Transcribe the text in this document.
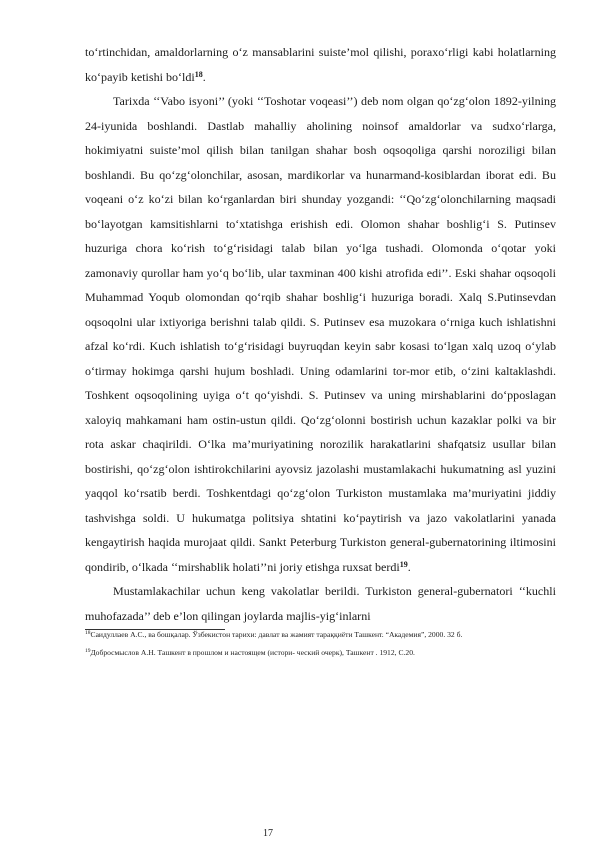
to‘rtinchidan, amaldorlarning o‘z mansablarini suiste’mol qilishi, poraxo‘rligi kabi holatlarning ko‘payib ketishi bo‘ldi$^{18}$.

Tarixda ‘‘Vabo isyoni’’ (yoki ‘‘Toshotar voqeasi’’) deb nom olgan qo‘zg‘olon 1892-yilning 24-iyunida boshlandi. Dastlab mahalliy aholining noinsof amaldorlar va sudxo‘rlarga, hokimiyatni suiste’mol qilish bilan tanilgan shahar bosh oqsoqoliga qarshi noroziligi bilan boshlandi. Bu qo‘zg‘olonchilar, asosan, mardikorlar va hunarmand-kosiblardan iborat edi. Bu voqeani o‘z ko‘zi bilan ko‘rganlardan biri shunday yozgandi: ‘‘Qo‘zg‘olonchilarning maqsadi bo‘layotgan kamsitishlarni to‘xtatishga erishish edi. Olomon shahar boshlig‘i S. Putinsev huzuriga chora ko‘rish to‘g‘risidagi talab bilan yo‘lga tushadi. Olomonda o‘qotar yoki zamonaviy qurollar ham yo‘q bo‘lib, ular taxminan 400 kishi atrofida edi’’. Eski shahar oqsoqoli Muhammad Yoqub olomondan qo‘rqib shahar boshlig‘i huzuriga boradi. Xalq S.Putinsevdan oqsoqolni ular ixtiyoriga berishni talab qildi. S. Putinsev esa muzokara o‘rniga kuch ishlatishni afzal ko‘rdi. Kuch ishlatish to‘g‘risidagi buyruqdan keyin sabr kosasi to‘lgan xalq uzoq o‘ylab o‘tirmay hokimga qarshi hujum boshladi. Uning odamlarini tor-mor etib, o‘zini kaltaklashdi. Toshkent oqsoqolining uyiga o‘t qo‘yishdi. S. Putinsev va uning mirshablarini do‘pposlagan xaloyiq mahkamani ham ostin-ustun qildi. Qo‘zg‘olonni bostirish uchun kazaklar polki va bir rota askar chaqirildi. O‘lka ma’muriyatining norozilik harakatlarini shafqatsiz usullar bilan bostirishi, qo‘zg‘olon ishtirokchilarini ayovsiz jazolashi mustamlakachi hukumatning asl yuzini yaqqol ko‘rsatib berdi. Toshkentdagi qo‘zg‘olon Turkiston mustamlaka ma’muriyatini jiddiy tashvishga soldi. U hukumatga politsiya shtatini ko‘paytirish va jazo vakolatlarini yanada kengaytirish haqida murojaat qildi. Sankt Peterburg Turkiston general-gubernatorining iltimosini qondirib, o‘lkada ‘‘mirshablik holati’’ni joriy etishga ruxsat berdi$^{19}$.

Mustamlakachilar uchun keng vakolatlar berildi. Turkiston general-gubernatori ‘‘kuchli muhofazada’’ deb e’lon qilingan joylarda majlis-yig‘inlarni

$^{18}$Саидуллаев А.С., ва бошқалар. Ўзбекистон тарихи: давлат ва жамият тараққиёти Ташкент. “Академия”, 2000. 32 б.

$^{19}$Добросмыслов А.Н. Ташкент в прошлом и настоящем (истори- ческий очерк), Ташкент . 1912, С.20.

17
